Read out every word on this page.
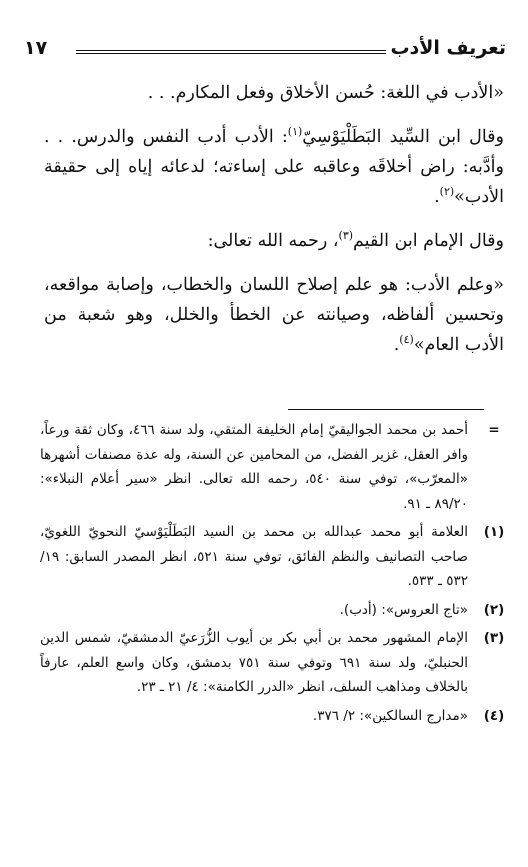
تعريف الأدب
١٧

«الأدب في اللغة: حُسن الأخلاق وفعل المكارم. . .

وقال ابن السِّيد البَطَلْيَوْسِيّ$^{(١)}$: الأدب أدب النفس والدرس. . . وأدَّبه: راض أخلاقَه وعاقبه على إساءته؛ لدعائه إياه إلى حقيقة الأدب»$^{(٢)}$.

وقال الإمام ابن القيم$^{(٣)}$، رحمه الله تعالى:

«وعلم الأدب: هو علم إصلاح اللسان والخطاب، وإصابة مواقعه، وتحسين ألفاظه، وصيانته عن الخطأ والخلل، وهو شعبة من الأدب العام»$^{(٤)}$.

=
أحمد بن محمد الجواليقيّ إمام الخليفة المتقي، ولد سنة ٤٦٦، وكان ثقة ورعاً، وافر العقل، غزير الفضل، من المحامين عن السنة، وله عدة مصنفات أشهرها «المعرّب»، توفي سنة ٥٤٠، رحمه الله تعالى. انظر «سير أعلام النبلاء»: ٨٩/٢٠ ـ ٩١.
(١)
العلامة أبو محمد عبدالله بن محمد بن السيد البَطَلْيَوْسيّ النحويّ اللغويّ، صاحب التصانيف والنظم الفائق، توفي سنة ٥٢١، انظر المصدر السابق: ١٩/ ٥٣٢ ـ ٥٣٣.
(٢)
«تاج العروس»: (أدب).
(٣)
الإمام المشهور محمد بن أبي بكر بن أيوب الزُّرَعيّ الدمشقيّ، شمس الدين الحنبليّ، ولد سنة ٦٩١ وتوفي سنة ٧٥١ بدمشق، وكان واسع العلم، عارفاً بالخلاف ومذاهب السلف، انظر «الدرر الكامنة»: ٤/ ٢١ ـ ٢٣.
(٤)
«مدارج السالكين»: ٢/ ٣٧٦.
